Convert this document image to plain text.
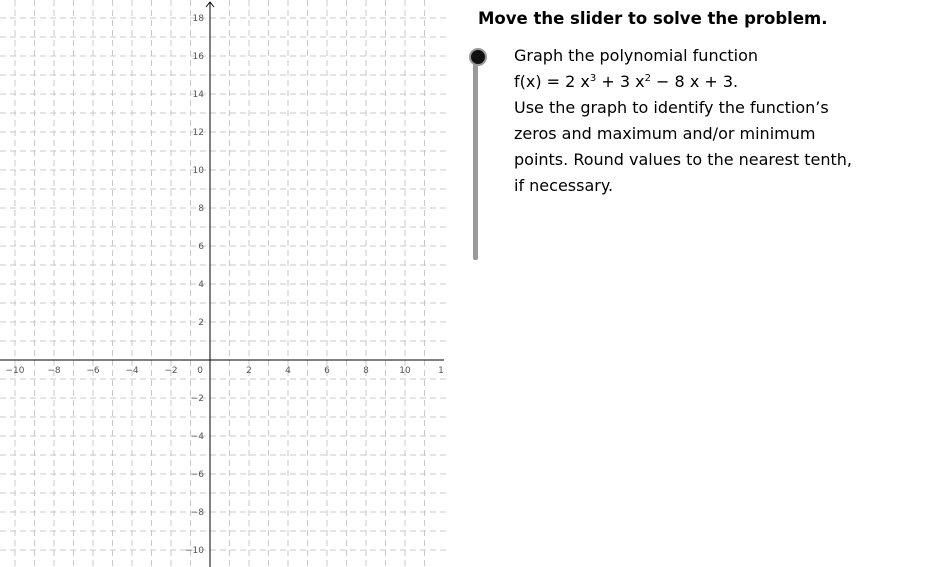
−10	−8	−6	−4	−2	2	4	6	8	10	1
18
16
14
12
10
8
6
4
2
−2
−4
−6
−8
−10
0
Move the slider to solve the problem.

Graph the polynomial function

f(x) = 2 $x^3 + 3$ $x^2 - 8$ x + 3.

Use the graph to identify the function’s zeros and maximum and/or minimum points. Round values to the nearest tenth, if necessary.
